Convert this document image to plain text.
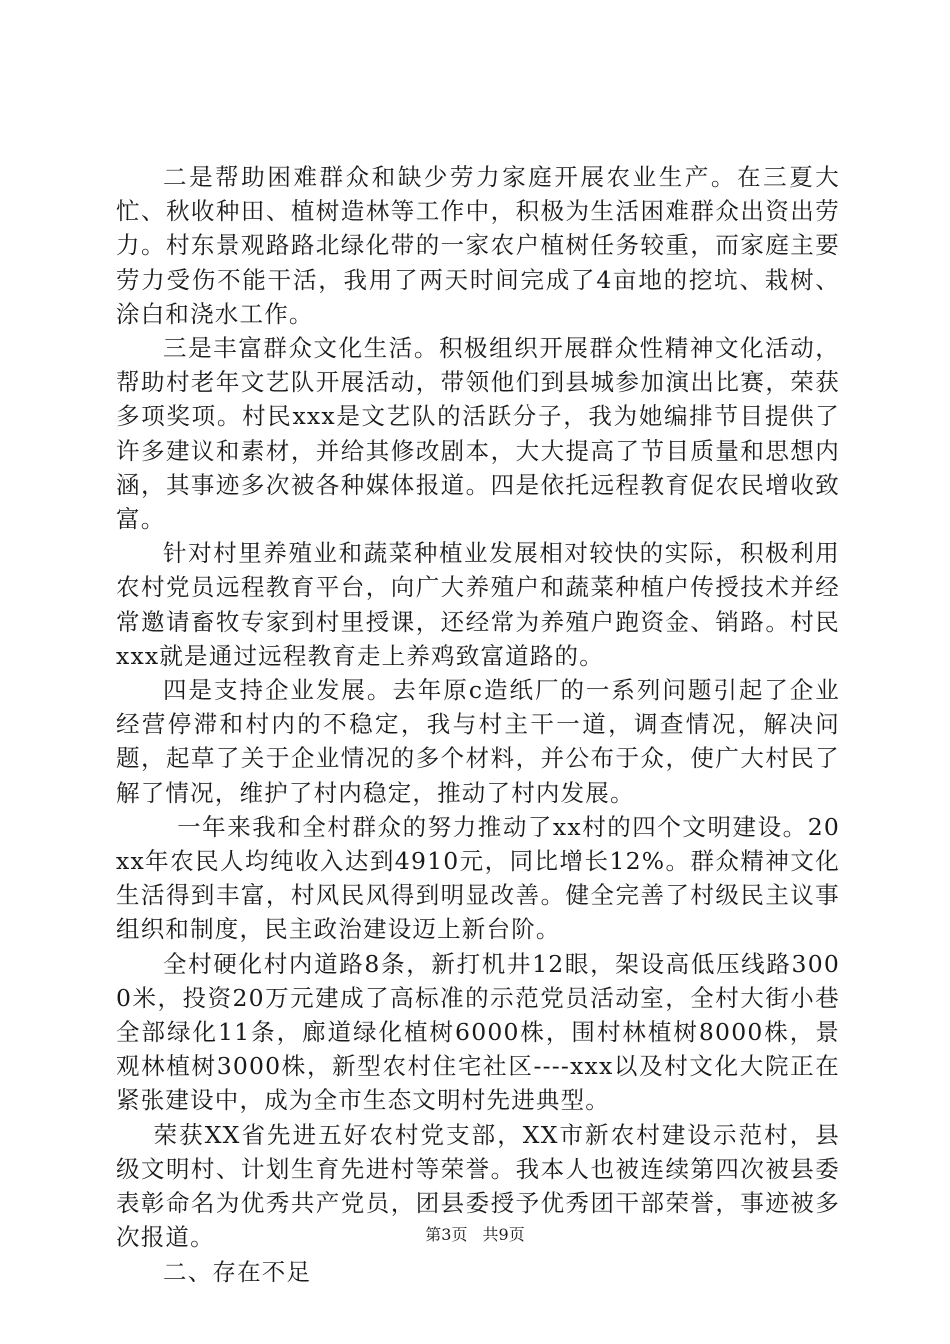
二是帮助困难群众和缺少劳力家庭开展农业生产。在三夏大忙、秋收种田、植树造林等工作中，积极为生活困难群众出资出劳力。村东景观路路北绿化带的一家农户植树任务较重，而家庭主要劳力受伤不能干活，我用了两天时间完成了4亩地的挖坑、栽树、涂白和浇水工作。

三是丰富群众文化生活。积极组织开展群众性精神文化活动，帮助村老年文艺队开展活动，带领他们到县城参加演出比赛，荣获多项奖项。村民xxx是文艺队的活跃分子，我为她编排节目提供了许多建议和素材，并给其修改剧本，大大提高了节目质量和思想内涵，其事迹多次被各种媒体报道。四是依托远程教育促农民增收致富。

针对村里养殖业和蔬菜种植业发展相对较快的实际，积极利用农村党员远程教育平台，向广大养殖户和蔬菜种植户传授技术并经常邀请畜牧专家到村里授课，还经常为养殖户跑资金、销路。村民xxx就是通过远程教育走上养鸡致富道路的。

四是支持企业发展。去年原c造纸厂的一系列问题引起了企业经营停滞和村内的不稳定，我与村主干一道，调查情况，解决问题，起草了关于企业情况的多个材料，并公布于众，使广大村民了解了情况，维护了村内稳定，推动了村内发展。

一年来我和全村群众的努力推动了xx村的四个文明建设。20xx年农民人均纯收入达到4910元，同比增长12%。群众精神文化生活得到丰富，村风民风得到明显改善。健全完善了村级民主议事组织和制度，民主政治建设迈上新台阶。

全村硬化村内道路8条，新打机井12眼，架设高低压线路3000米，投资20万元建成了高标准的示范党员活动室，全村大街小巷全部绿化11条，廊道绿化植树6000株，围村林植树8000株，景观林植树3000株，新型农村住宅社区----xxx以及村文化大院正在紧张建设中，成为全市生态文明村先进典型。

荣获XX省先进五好农村党支部，XX市新农村建设示范村，县级文明村、计划生育先进村等荣誉。我本人也被连续第四次被县委表彰命名为优秀共产党员，团县委授予优秀团干部荣誉，事迹被多次报道。

二、存在不足

第3页 共9页
